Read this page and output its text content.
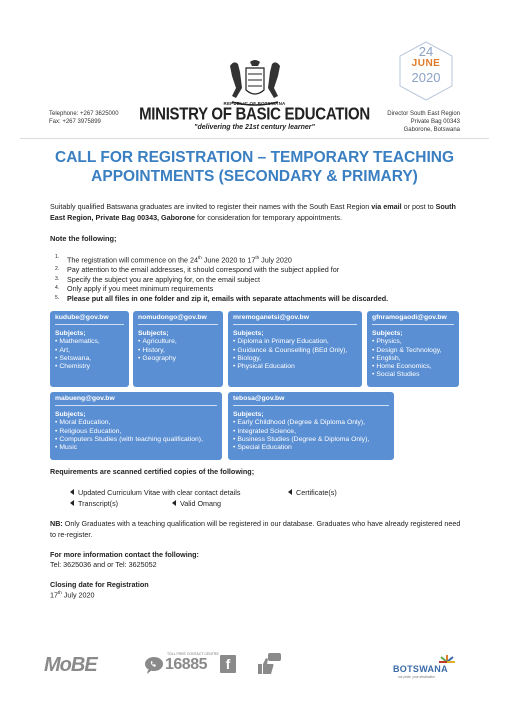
Telephone: +267 3625000
Fax: +267 3975899
REPUBLIC OF BOTSWANA
MINISTRY OF BASIC EDUCATION
"delivering the 21st century learner"
Director South East Region
Private Bag 00343
Gaborone, Botswana
24
JUNE
2020
CALL FOR REGISTRATION – TEMPORARY TEACHING
APPOINTMENTS (SECONDARY & PRIMARY)
Suitably qualified Batswana graduates are invited to register their names with the South East Region via email or post to South East Region, Private Bag 00343, Gaborone for consideration for temporary appointments.
Note the following;
1. The registration will commence on the 24th June 2020 to 17th July 2020
2. Pay attention to the email addresses, it should correspond with the subject applied for
3. Specify the subject you are applying for, on the email subject
4. Only apply if you meet minimum requirements
5. Please put all files in one folder and zip it, emails with separate attachments will be discarded.
kudube@gov.bw
Subjects;
• Mathematics,
• Art,
• Setswana,
• Chemistry
nomudongo@gov.bw
Subjects;
• Agriculture,
• History,
• Geography
mremoganetsi@gov.bw
Subjects;
• Diploma in Primary Education,
• Guidance & Counselling (BEd Only),
• Biology,
• Physical Education
gfnramogaodi@gov.bw
Subjects;
• Physics,
• Design & Technology,
• English,
• Home Economics,
• Social Studies
mabueng@gov.bw
Subjects;
• Moral Education,
• Religious Education,
• Computers Studies (with teaching qualification),
• Music
tebosa@gov.bw
Subjects;
• Early Childhood (Degree & Diploma Only),
• Integrated Science,
• Business Studies (Degree & Diploma Only),
• Special Education
Requirements are scanned certified copies of the following;
Updated Curriculum Vitae with clear contact details	Certificate(s)
Transcript(s)	Valid Omang
NB: Only Graduates with a teaching qualification will be registered in our database. Graduates who have already registered need to re-register.
For more information contact the following:
Tel: 3625036 and or Tel: 3625052
Closing date for Registration
17th July 2020
MoBE	TOLL FREE CONTACT CENTRE
16885	f	BOTSWANA
our pride, your destination
